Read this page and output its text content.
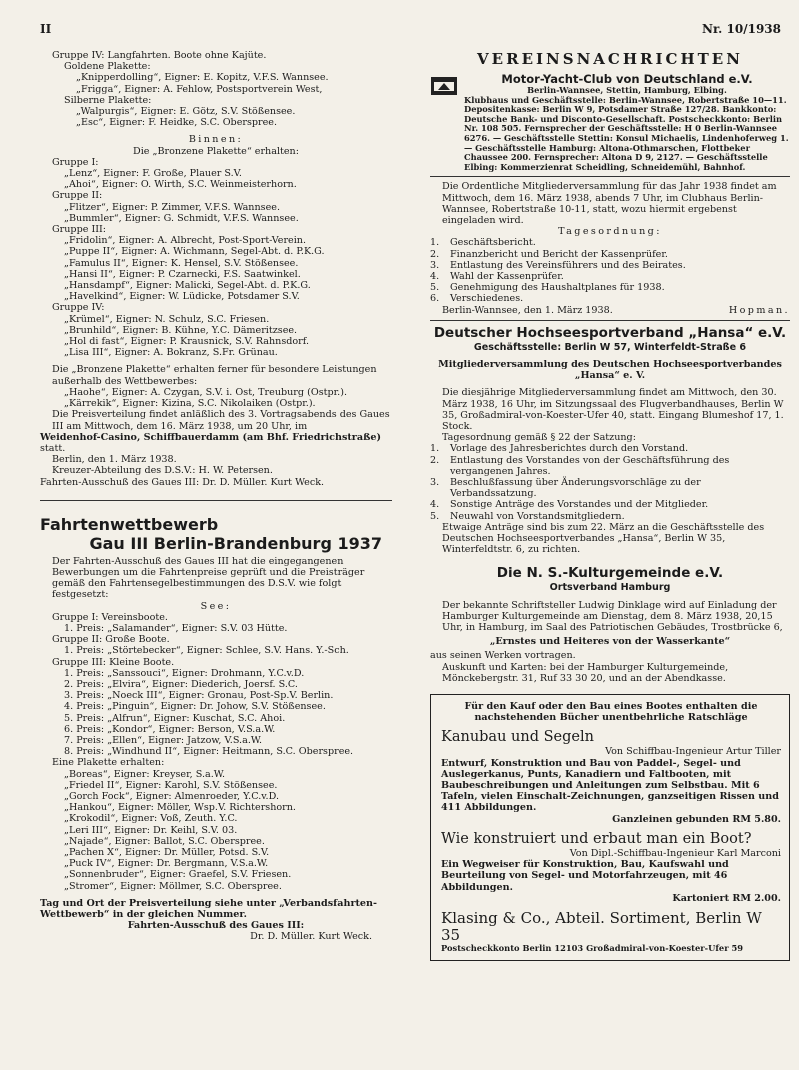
II	Nr. 10/1938
Gruppe IV: Langfahrten. Boote ohne Kajüte.
Goldene Plakette:
„Knipperdolling“, Eigner: E. Kopitz, V.F.S. Wannsee.
„Frigga“, Eigner: A. Fehlow, Postsportverein West,
Silberne Plakette:
„Walpurgis“, Eigner: E. Götz, S.V. Stößensee.
„Esc“, Eigner: F. Heidke, S.C. Oberspree.
Binnen:
Die „Bronzene Plakette“ erhalten:
Gruppe I:
„Lenz“, Eigner: F. Große, Plauer S.V.
„Ahoi“, Eigner: O. Wirth, S.C. Weinmeisterhorn.
Gruppe II:
„Flitzer“, Eigner: P. Zimmer, V.F.S. Wannsee.
„Bummler“, Eigner: G. Schmidt, V.F.S. Wannsee.
Gruppe III:
„Fridolin“, Eigner: A. Albrecht, Post-Sport-Verein.
„Puppe II“, Eigner: A. Wichmann, Segel-Abt. d. P.K.G.
„Famulus II“, Eigner: K. Hensel, S.V. Stößensee.
„Hansi II“, Eigner: P. Czarnecki, F.S. Saatwinkel.
„Hansdampf“, Eigner: Malicki, Segel-Abt. d. P.K.G.
„Havelkind“, Eigner: W. Lüdicke, Potsdamer S.V.
Gruppe IV:
„Krümel“, Eigner: N. Schulz, S.C. Friesen.
„Brunhild“, Eigner: B. Kühne, Y.C. Dämeritzsee.
„Hol di fast“, Eigner: P. Krausnick, S.V. Rahnsdorf.
„Lisa III“, Eigner: A. Bokranz, S.Fr. Grünau.
Die „Bronzene Plakette“ erhalten ferner für besondere Leistungen außerhalb des Wettbewerbes:
„Haohe“, Eigner: A. Czygan, S.V. i. Ost, Treuburg (Ostpr.).
„Kärrekik“, Eigner: Kizina, S.C. Nikolaiken (Ostpr.).
Die Preisverteilung findet anläßlich des 3. Vortragsabends des Gaues III am Mittwoch, dem 16. März 1938, um 20 Uhr, im
Weidenhof-Casino, Schiffbauerdamm (am Bhf. Friedrichstraße)
statt.
Berlin, den 1. März 1938.
Kreuzer-Abteilung des D.S.V.: H. W. Petersen.
Fahrten-Ausschuß des Gaues III: Dr. D. Müller. Kurt Weck.
Fahrtenwettbewerb
Gau III Berlin-Brandenburg 1937
Der Fahrten-Ausschuß des Gaues III hat die eingegangenen Bewerbungen um die Fahrtenpreise geprüft und die Preisträger gemäß den Fahrtensegelbestimmungen des D.S.V. wie folgt festgesetzt:
See:
Gruppe I: Vereinsboote.
1. Preis: „Salamander“, Eigner: S.V. 03 Hütte.
Gruppe II: Große Boote.
1. Preis: „Störtebecker“, Eigner: Schlee, S.V. Hans. Y.-Sch.
Gruppe III: Kleine Boote.
1. Preis: „Sanssouci“, Eigner: Drohmann, Y.C.v.D.
2. Preis: „Elvira“, Eigner: Diederich, Joersf. S.C.
3. Preis: „Noeck III“, Eigner: Gronau, Post-Sp.V. Berlin.
4. Preis: „Pinguin“, Eigner: Dr. Johow, S.V. Stößensee.
5. Preis: „Alfrun“, Eigner: Kuschat, S.C. Ahoi.
6. Preis: „Kondor“, Eigner: Berson, V.S.a.W.
7. Preis: „Ellen“, Eigner: Jatzow, V.S.a.W.
8. Preis: „Windhund II“, Eigner: Heitmann, S.C. Oberspree.
Eine Plakette erhalten:
„Boreas“, Eigner: Kreyser, S.a.W.
„Friedel II“, Eigner: Karohl, S.V. Stößensee.
„Gorch Fock“, Eigner: Almenroeder, Y.C.v.D.
„Hankou“, Eigner: Möller, Wsp.V. Richtershorn.
„Krokodil“, Eigner: Voß, Zeuth. Y.C.
„Leri III“, Eigner: Dr. Keihl, S.V. 03.
„Najade“, Eigner: Ballot, S.C. Oberspree.
„Pachen X“, Eigner: Dr. Müller, Potsd. S.V.
„Puck IV“, Eigner: Dr. Bergmann, V.S.a.W.
„Sonnenbruder“, Eigner: Graefel, S.V. Friesen.
„Stromer“, Eigner: Möllmer, S.C. Oberspree.
Tag und Ort der Preisverteilung siehe unter „Verbandsfahrten-Wettbewerb“ in der gleichen Nummer.
Fahrten-Ausschuß des Gaues III:
Dr. D. Müller. Kurt Weck.
VEREINSNACHRICHTEN
Motor-Yacht-Club von Deutschland e.V.
Berlin-Wannsee, Stettin, Hamburg, Elbing.
Klubhaus und Geschäftsstelle: Berlin-Wannsee, Robertstraße 10—11. Depositenkasse: Berlin W 9, Potsdamer Straße 127/28. Bankkonto: Deutsche Bank- und Disconto-Gesellschaft. Postscheckkonto: Berlin Nr. 108 505. Fernsprecher der Geschäftsstelle: H 0 Berlin-Wannsee 6276. — Geschäftsstelle Stettin: Konsul Michaelis, Lindenhoferweg 1. — Geschäftsstelle Hamburg: Altona-Othmarschen, Flottbeker Chaussee 200. Fernsprecher: Altona D 9, 2127. — Geschäftsstelle Elbing: Kommerzienrat Scheidling, Schneidemühl, Bahnhof.
Die Ordentliche Mitgliederversammlung für das Jahr 1938 findet am Mittwoch, dem 16. März 1938, abends 7 Uhr, im Clubhaus Berlin-Wannsee, Robertstraße 10-11, statt, wozu hiermit ergebenst eingeladen wird.
Tagesordnung:
1.	Geschäftsbericht.
2.	Finanzbericht und Bericht der Kassenprüfer.
3.	Entlastung des Vereinsführers und des Beirates.
4.	Wahl der Kassenprüfer.
5.	Genehmigung des Haushaltplanes für 1938.
6.	Verschiedenes.
Berlin-Wannsee, den 1. März 1938.	Hopman.
Deutscher Hochseesportverband „Hansa“ e.V.
Geschäftsstelle: Berlin W 57, Winterfeldt-Straße 6
Mitgliederversammlung des Deutschen Hochseesportverbandes „Hansa“ e. V.
Die diesjährige Mitgliederversammlung findet am Mittwoch, den 30. März 1938, 16 Uhr, im Sitzungssaal des Flugverbandhauses, Berlin W 35, Großadmiral-von-Koester-Ufer 40, statt. Eingang Blumeshof 17, 1. Stock.
Tagesordnung gemäß § 22 der Satzung:
1.	Vorlage des Jahresberichtes durch den Vorstand.
2.	Entlastung des Vorstandes von der Geschäftsführung des vergangenen Jahres.
3.	Beschlußfassung über Änderungsvorschläge zu der Verbandssatzung.
4.	Sonstige Anträge des Vorstandes und der Mitglieder.
5.	Neuwahl von Vorstandsmitgliedern.
Etwaige Anträge sind bis zum 22. März an die Geschäftsstelle des Deutschen Hochseesportverbandes „Hansa“, Berlin W 35, Winterfeldtstr. 6, zu richten.
Die N. S.-Kulturgemeinde e.V.
Ortsverband Hamburg
Der bekannte Schriftsteller Ludwig Dinklage wird auf Einladung der Hamburger Kulturgemeinde am Dienstag, dem 8. März 1938, 20,15 Uhr, in Hamburg, im Saal des Patriotischen Gebäudes, Trostbrücke 6,
„Ernstes und Heiteres von der Wasserkante“
aus seinen Werken vortragen.
Auskunft und Karten: bei der Hamburger Kulturgemeinde, Mönckebergstr. 31, Ruf 33 30 20, und an der Abendkasse.
Für den Kauf oder den Bau eines Bootes enthalten die nachstehenden Bücher unentbehrliche Ratschläge
Kanubau und Segeln
Von Schiffbau-Ingenieur Artur Tiller
Entwurf, Konstruktion und Bau von Paddel-, Segel- und Auslegerkanus, Punts, Kanadiern und Faltbooten, mit Baubeschreibungen und Anleitungen zum Selbstbau. Mit 6 Tafeln, vielen Einschalt-Zeichnungen, ganzseitigen Rissen und 411 Abbildungen.
Ganzleinen gebunden RM 5.80.
Wie konstruiert und erbaut man ein Boot?
Von Dipl.-Schiffbau-Ingenieur Karl Marconi
Ein Wegweiser für Konstruktion, Bau, Kaufswahl und Beurteilung von Segel- und Motorfahrzeugen, mit 46 Abbildungen.
Kartoniert RM 2.00.
Klasing & Co., Abteil. Sortiment, Berlin W 35
Postscheckkonto Berlin 12103 Großadmiral-von-Koester-Ufer 59
